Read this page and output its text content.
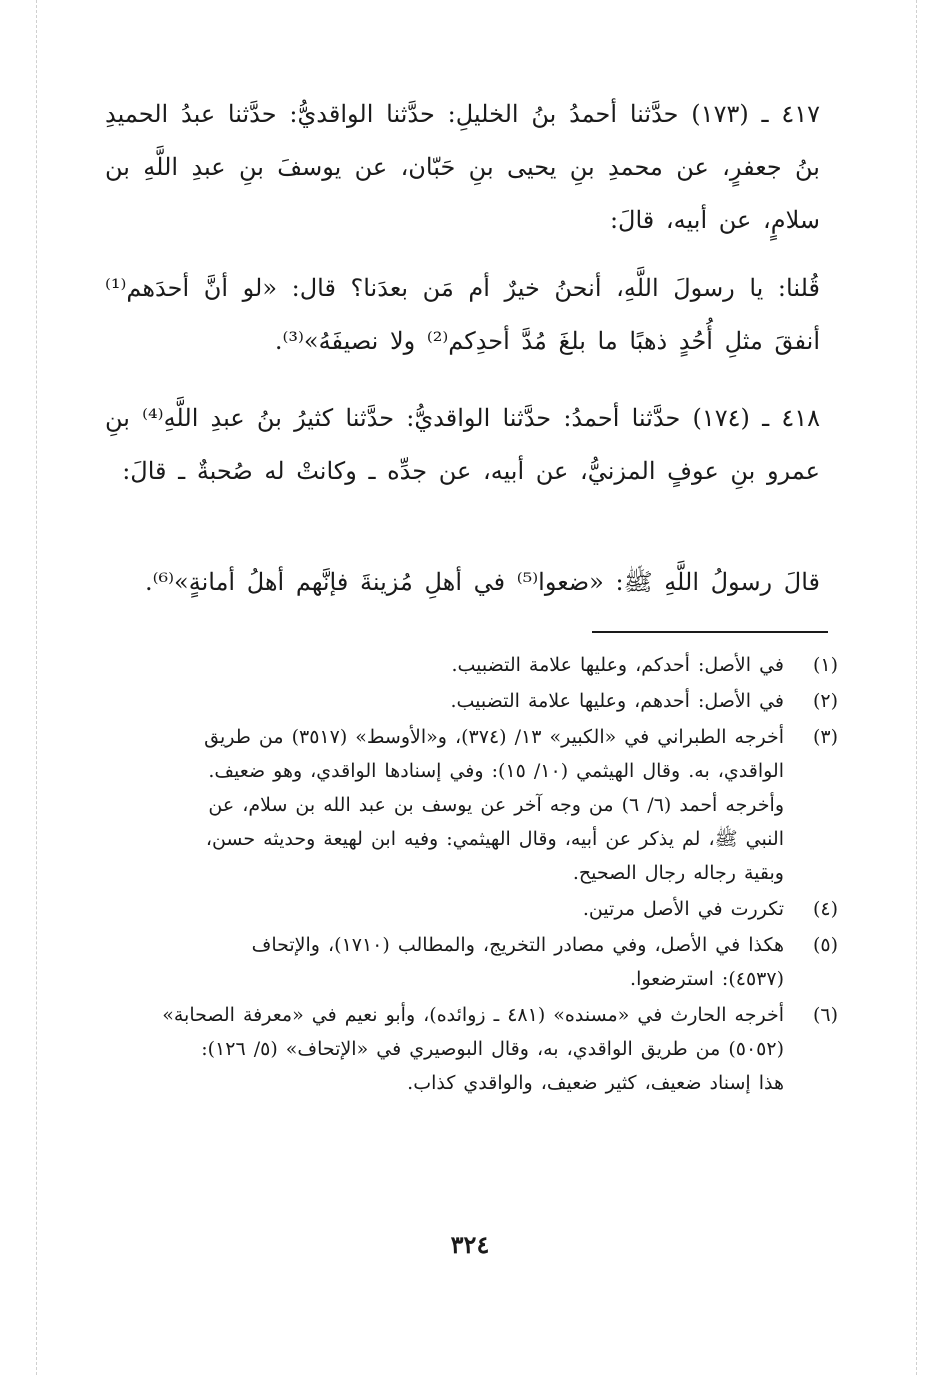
٤١٧ ـ (١٧٣) حدَّثنا أحمدُ بنُ الخليلِ: حدَّثنا الواقديُّ: حدَّثنا عبدُ الحميدِ بنُ جعفرٍ، عن محمدِ بنِ يحيى بنِ حَبّان، عن يوسفَ بنِ عبدِ اللَّهِ بن سلامٍ، عن أبيه، قالَ:
قُلنا: يا رسولَ اللَّهِ، أنحنُ خيرٌ أم مَن بعدَنا؟ قال: «لو أنَّ أحدَهم⁽¹⁾ أنفقَ مثلِ أُحُدٍ ذهبًا ما بلغَ مُدَّ أحدِكم⁽²⁾ ولا نصيفَهُ»⁽³⁾.
٤١٨ ـ (١٧٤) حدَّثنا أحمدُ: حدَّثنا الواقديُّ: حدَّثنا كثيرُ بنُ عبدِ اللَّهِ⁽⁴⁾ بنِ عمرو بنِ عوفٍ المزنيُّ، عن أبيه، عن جدِّه ـ وكانتْ له صُحبةٌ ـ قالَ:
قالَ رسولُ اللَّهِ ﷺ: «ضعوا⁽⁵⁾ في أهلِ مُزينةَ فإنَّهم أهلُ أمانةٍ»⁽⁶⁾.
(١)
في الأصل: أحدكم، وعليها علامة التضبيب.
(٢)
في الأصل: أحدهم، وعليها علامة التضبيب.
(٣)
أخرجه الطبراني في «الكبير» ١٣/ (٣٧٤)، و«الأوسط» (٣٥١٧) من طريق
الواقدي، به. وقال الهيثمي (١٠/ ١٥): وفي إسنادها الواقدي، وهو ضعيف.
وأخرجه أحمد (٦/ ٦) من وجه آخر عن يوسف بن عبد الله بن سلام، عن
النبي ﷺ، لم يذكر عن أبيه، وقال الهيثمي: وفيه ابن لهيعة وحديثه حسن،
وبقية رجاله رجال الصحيح.
(٤)
تكررت في الأصل مرتين.
(٥)
هكذا في الأصل، وفي مصادر التخريج، والمطالب (١٧١٠)، والإتحاف
(٤٥٣٧): استرضعوا.
(٦)
أخرجه الحارث في «مسنده» (٤٨١ ـ زوائده)، وأبو نعيم في «معرفة الصحابة»
(٥٠٥٢) من طريق الواقدي، به، وقال البوصيري في «الإتحاف» (٥/ ١٢٦):
هذا إسناد ضعيف، كثير ضعيف، والواقدي كذاب.
٣٢٤
